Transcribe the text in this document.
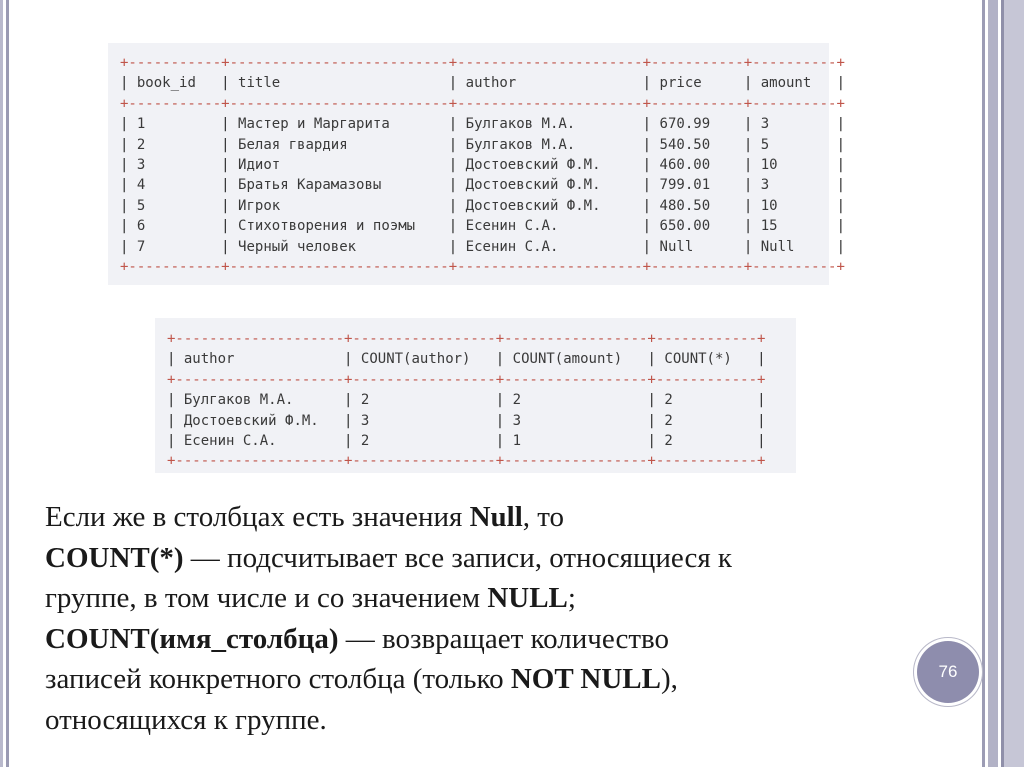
+-----------+--------------------------+----------------------+-----------+----------+
| book_id   | title                    | author               | price     | amount   |
+-----------+--------------------------+----------------------+-----------+----------+
| 1         | Мастер и Маргарита       | Булгаков М.А.        | 670.99    | 3        |
| 2         | Белая гвардия            | Булгаков М.А.        | 540.50    | 5        |
| 3         | Идиот                    | Достоевский Ф.М.     | 460.00    | 10       |
| 4         | Братья Карамазовы        | Достоевский Ф.М.     | 799.01    | 3        |
| 5         | Игрок                    | Достоевский Ф.М.     | 480.50    | 10       |
| 6         | Стихотворения и поэмы    | Есенин С.А.          | 650.00    | 15       |
| 7         | Черный человек           | Есенин С.А.          | Null      | Null     |
+-----------+--------------------------+----------------------+-----------+----------+
+--------------------+-----------------+-----------------+------------+
| author             | COUNT(author)   | COUNT(amount)   | COUNT(*)   |
+--------------------+-----------------+-----------------+------------+
| Булгаков М.А.      | 2               | 2               | 2          |
| Достоевский Ф.М.   | 3               | 3               | 2          |
| Есенин С.А.        | 2               | 1               | 2          |
+--------------------+-----------------+-----------------+------------+

Если же в столбцах есть значения Null, то

COUNT(*) — подсчитывает все записи, относящиеся к

группе, в том числе и со значением NULL;

COUNT(имя_столбца) — возвращает количество

записей конкретного столбца (только NOT NULL),

относящихся к группе.

76
